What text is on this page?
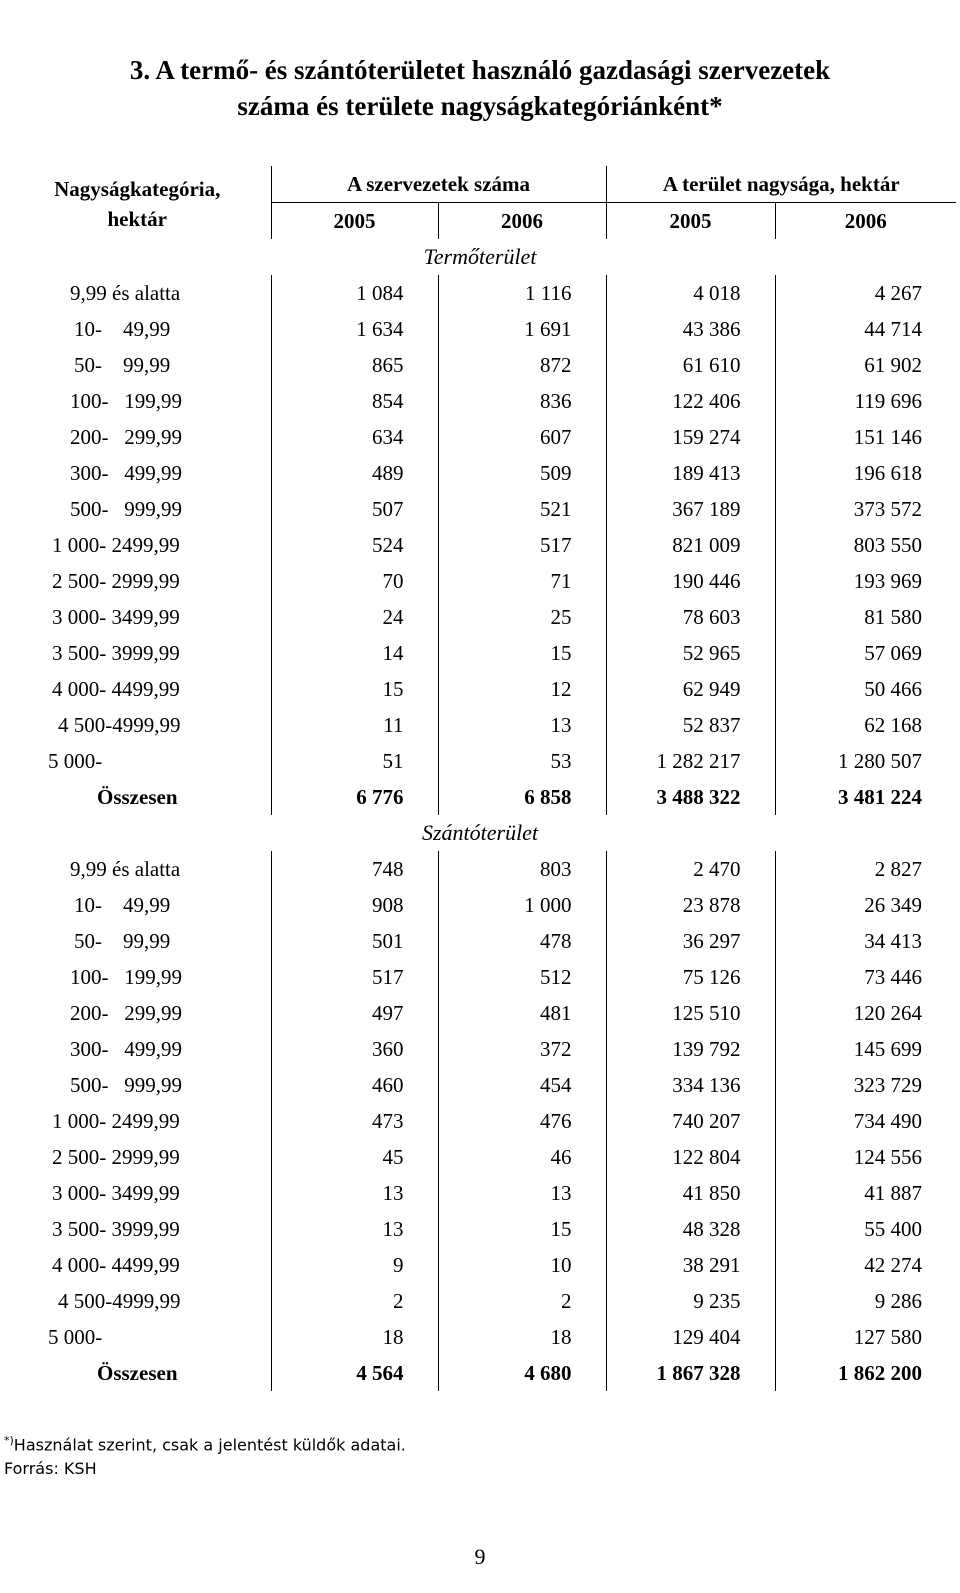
3. A termő- és szántóterületet használó gazdasági szervezetek
száma és területe nagyságkategóriánként*
Nagyságkategória,
hektár	A szervezetek száma		A terület nagysága, hektár	
	2005	2006	2005	2006
Termőterület				
9,99 és alatta	1 084	1 116	4 018	4 267
10-    49,99	1 634	1 691	43 386	44 714
50-    99,99	865	872	61 610	61 902
100-   199,99	854	836	122 406	119 696
200-   299,99	634	607	159 274	151 146
300-   499,99	489	509	189 413	196 618
500-   999,99	507	521	367 189	373 572
1 000- 2499,99	524	517	821 009	803 550
2 500- 2999,99	70	71	190 446	193 969
3 000- 3499,99	24	25	78 603	81 580
3 500- 3999,99	14	15	52 965	57 069
4 000- 4499,99	15	12	62 949	50 466
4 500-4999,99	11	13	52 837	62 168
5 000-	51	53	1 282 217	1 280 507
Összesen	6 776	6 858	3 488 322	3 481 224
Szántóterület				
9,99 és alatta	748	803	2 470	2 827
10-    49,99	908	1 000	23 878	26 349
50-    99,99	501	478	36 297	34 413
100-   199,99	517	512	75 126	73 446
200-   299,99	497	481	125 510	120 264
300-   499,99	360	372	139 792	145 699
500-   999,99	460	454	334 136	323 729
1 000- 2499,99	473	476	740 207	734 490
2 500- 2999,99	45	46	122 804	124 556
3 000- 3499,99	13	13	41 850	41 887
3 500- 3999,99	13	15	48 328	55 400
4 000- 4499,99	9	10	38 291	42 274
4 500-4999,99	2	2	9 235	9 286
5 000-	18	18	129 404	127 580
Összesen	4 564	4 680	1 867 328	1 862 200
*)Használat szerint, csak a jelentést küldők adatai.
Forrás: KSH
9
